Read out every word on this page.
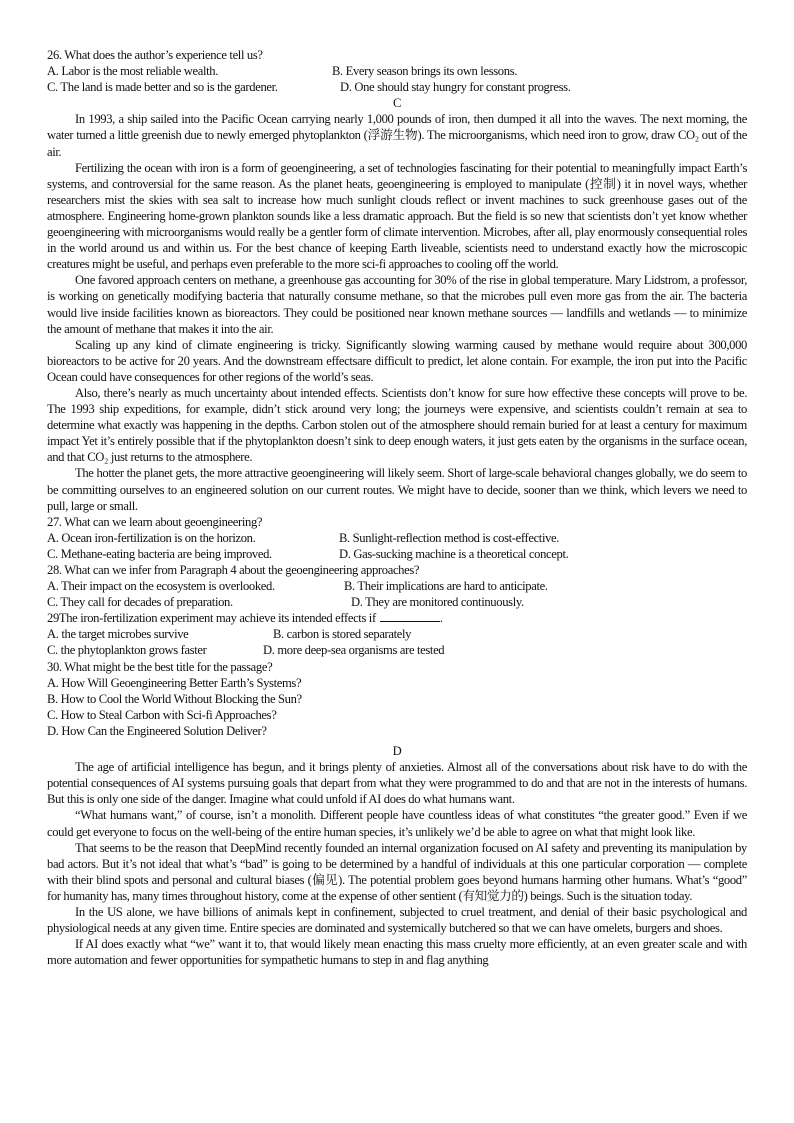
26. What does the author’s experience tell us?
A. Labor is the most reliable wealth.	B. Every season brings its own lessons.
C. The land is made better and so is the gardener.	D. One should stay hungry for constant progress.
C

In 1993, a ship sailed into the Pacific Ocean carrying nearly 1,000 pounds of iron, then dumped it all into the waves. The next morning, the water turned a little greenish due to newly emerged phytoplankton (浮游生物). The microorganisms, which need iron to grow, draw CO₂ out of the air.

Fertilizing the ocean with iron is a form of geoengineering, a set of technologies fascinating for their potential to meaningfully impact Earth’s systems, and controversial for the same reason. As the planet heats, geoengineering is employed to manipulate (控制) it in novel ways, whether researchers mist the skies with sea salt to increase how much sunlight clouds reflect or invent machines to suck greenhouse gases out of the atmosphere. Engineering home-grown plankton sounds like a less dramatic approach. But the field is so new that scientists don’t yet know whether geoengineering with microorganisms would really be a gentler form of climate intervention. Microbes, after all, play enormously consequential roles in the world around us and within us. For the best chance of keeping Earth liveable, scientists need to understand exactly how the microscopic creatures might be useful, and perhaps even preferable to the more sci-fi approaches to cooling off the world.

One favored approach centers on methane, a greenhouse gas accounting for 30% of the rise in global temperature. Mary Lidstrom, a professor, is working on genetically modifying bacteria that naturally consume methane, so that the microbes pull even more gas from the air. The bacteria would live inside facilities known as bioreactors. They could be positioned near known methane sources — landfills and wetlands — to minimize the amount of methane that makes it into the air.

Scaling up any kind of climate engineering is tricky. Significantly slowing warming caused by methane would require about 300,000 bioreactors to be active for 20 years. And the downstream effectsare difficult to predict, let alone contain. For example, the iron put into the Pacific Ocean could have consequences for other regions of the world’s seas.

Also, there’s nearly as much uncertainty about intended effects. Scientists don’t know for sure how effective these concepts will prove to be. The 1993 ship expeditions, for example, didn’t stick around very long; the journeys were expensive, and scientists couldn’t remain at sea to determine what exactly was happening in the depths. Carbon stolen out of the atmosphere should remain buried for at least a century for maximum impact Yet it’s entirely possible that if the phytoplankton doesn’t sink to deep enough waters, it just gets eaten by the organisms in the surface ocean, and that CO₂ just returns to the atmosphere.

The hotter the planet gets, the more attractive geoengineering will likely seem. Short of large-scale behavioral changes globally, we do seem to be committing ourselves to an engineered solution on our current routes. We might have to decide, sooner than we think, which levers we need to pull, large or small.

27. What can we learn about geoengineering?
A. Ocean iron-fertilization is on the horizon.	B. Sunlight-reflection method is cost-effective.
C. Methane-eating bacteria are being improved.	D. Gas-sucking machine is a theoretical concept.
28. What can we infer from Paragraph 4 about the geoengineering approaches?
A. Their impact on the ecosystem is overlooked.	B. Their implications are hard to anticipate.
C. They call for decades of preparation.	D. They are monitored continuously.
29The iron-fertilization experiment may achieve its intended effects if	.
A. the target microbes survive	B. carbon is stored separately
C. the phytoplankton grows faster	D. more deep-sea organisms are tested
30. What might be the best title for the passage?
A. How Will Geoengineering Better Earth’s Systems?
B. How to Cool the World Without Blocking the Sun?
C. How to Steal Carbon with Sci-fi Approaches?
D. How Can the Engineered Solution Deliver?
D

The age of artificial intelligence has begun, and it brings plenty of anxieties. Almost all of the conversations about risk have to do with the potential consequences of AI systems pursuing goals that depart from what they were programmed to do and that are not in the interests of humans. But this is only one side of the danger. Imagine what could unfold if AI does do what humans want.

“What humans want,” of course, isn’t a monolith. Different people have countless ideas of what constitutes “the greater good.” Even if we could get everyone to focus on the well-being of the entire human species, it’s unlikely we’d be able to agree on what that might look like.

That seems to be the reason that DeepMind recently founded an internal organization focused on AI safety and preventing its manipulation by bad actors. But it’s not ideal that what’s “bad” is going to be determined by a handful of individuals at this one particular corporation — complete with their blind spots and personal and cultural biases (偏见). The potential problem goes beyond humans harming other humans. What’s “good” for humanity has, many times throughout history, come at the expense of other sentient (有知觉力的) beings. Such is the situation today.

In the US alone, we have billions of animals kept in confinement, subjected to cruel treatment, and denial of their basic psychological and physiological needs at any given time. Entire species are dominated and systemically butchered so that we can have omelets, burgers and shoes.

If AI does exactly what “we” want it to, that would likely mean enacting this mass cruelty more efficiently, at an even greater scale and with more automation and fewer opportunities for sympathetic humans to step in and flag anything
